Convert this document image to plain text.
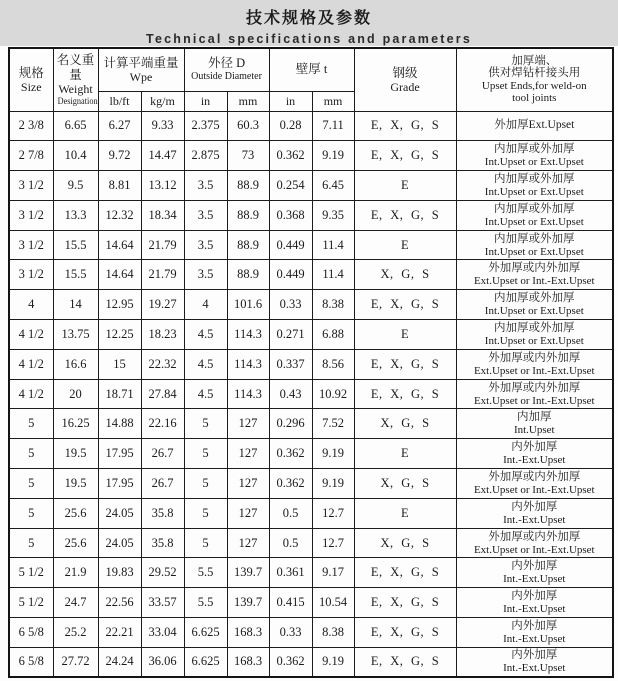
技术规格及参数
Technical specifications and parameters
规格
Size

名义重量
Weight
Designation

计算平端重量
Wpe

外径 D
Outside Diameter

壁厚 t	钢级
Grade

加厚端、
供对焊钻杆接头用
Upset Ends,for weld-on
tool joints

		lb/ft	kg/m	in	mm	in	mm		
2 3/8	6.65	6.27	9.33	2.375	60.3	0.28	7.11	E, X, G, S	外加厚Ext.Upset

2 7/8	10.4	9.72	14.47	2.875	73	0.362	9.19	E, X, G, S	内加厚或外加厚
Int.Upset or Ext.Upset

3 1/2	9.5	8.81	13.12	3.5	88.9	0.254	6.45	E	内加厚或外加厚
Int.Upset or Ext.Upset

3 1/2	13.3	12.32	18.34	3.5	88.9	0.368	9.35	E, X, G, S	内加厚或外加厚
Int.Upset or Ext.Upset

3 1/2	15.5	14.64	21.79	3.5	88.9	0.449	11.4	E	内加厚或外加厚
Int.Upset or Ext.Upset

3 1/2	15.5	14.64	21.79	3.5	88.9	0.449	11.4	X, G, S	外加厚或内外加厚
Ext.Upset or Int.-Ext.Upset

4	14	12.95	19.27	4	101.6	0.33	8.38	E, X, G, S	内加厚或外加厚
Int.Upset or Ext.Upset

4 1/2	13.75	12.25	18.23	4.5	114.3	0.271	6.88	E	内加厚或外加厚
Int.Upset or Ext.Upset

4 1/2	16.6	15	22.32	4.5	114.3	0.337	8.56	E, X, G, S	外加厚或内外加厚
Ext.Upset or Int.-Ext.Upset

4 1/2	20	18.71	27.84	4.5	114.3	0.43	10.92	E, X, G, S	外加厚或内外加厚
Ext.Upset or Int.-Ext.Upset

5	16.25	14.88	22.16	5	127	0.296	7.52	X, G, S	内加厚
Int.Upset

5	19.5	17.95	26.7	5	127	0.362	9.19	E	内外加厚
Int.-Ext.Upset

5	19.5	17.95	26.7	5	127	0.362	9.19	X, G, S	外加厚或内外加厚
Ext.Upset or Int.-Ext.Upset

5	25.6	24.05	35.8	5	127	0.5	12.7	E	内外加厚
Int.-Ext.Upset

5	25.6	24.05	35.8	5	127	0.5	12.7	X, G, S	外加厚或内外加厚
Ext.Upset or Int.-Ext.Upset

5 1/2	21.9	19.83	29.52	5.5	139.7	0.361	9.17	E, X, G, S	内外加厚
Int.-Ext.Upset

5 1/2	24.7	22.56	33.57	5.5	139.7	0.415	10.54	E, X, G, S	内外加厚
Int.-Ext.Upset

6 5/8	25.2	22.21	33.04	6.625	168.3	0.33	8.38	E, X, G, S	内外加厚
Int.-Ext.Upset

6 5/8	27.72	24.24	36.06	6.625	168.3	0.362	9.19	E, X, G, S	内外加厚
Int.-Ext.Upset
